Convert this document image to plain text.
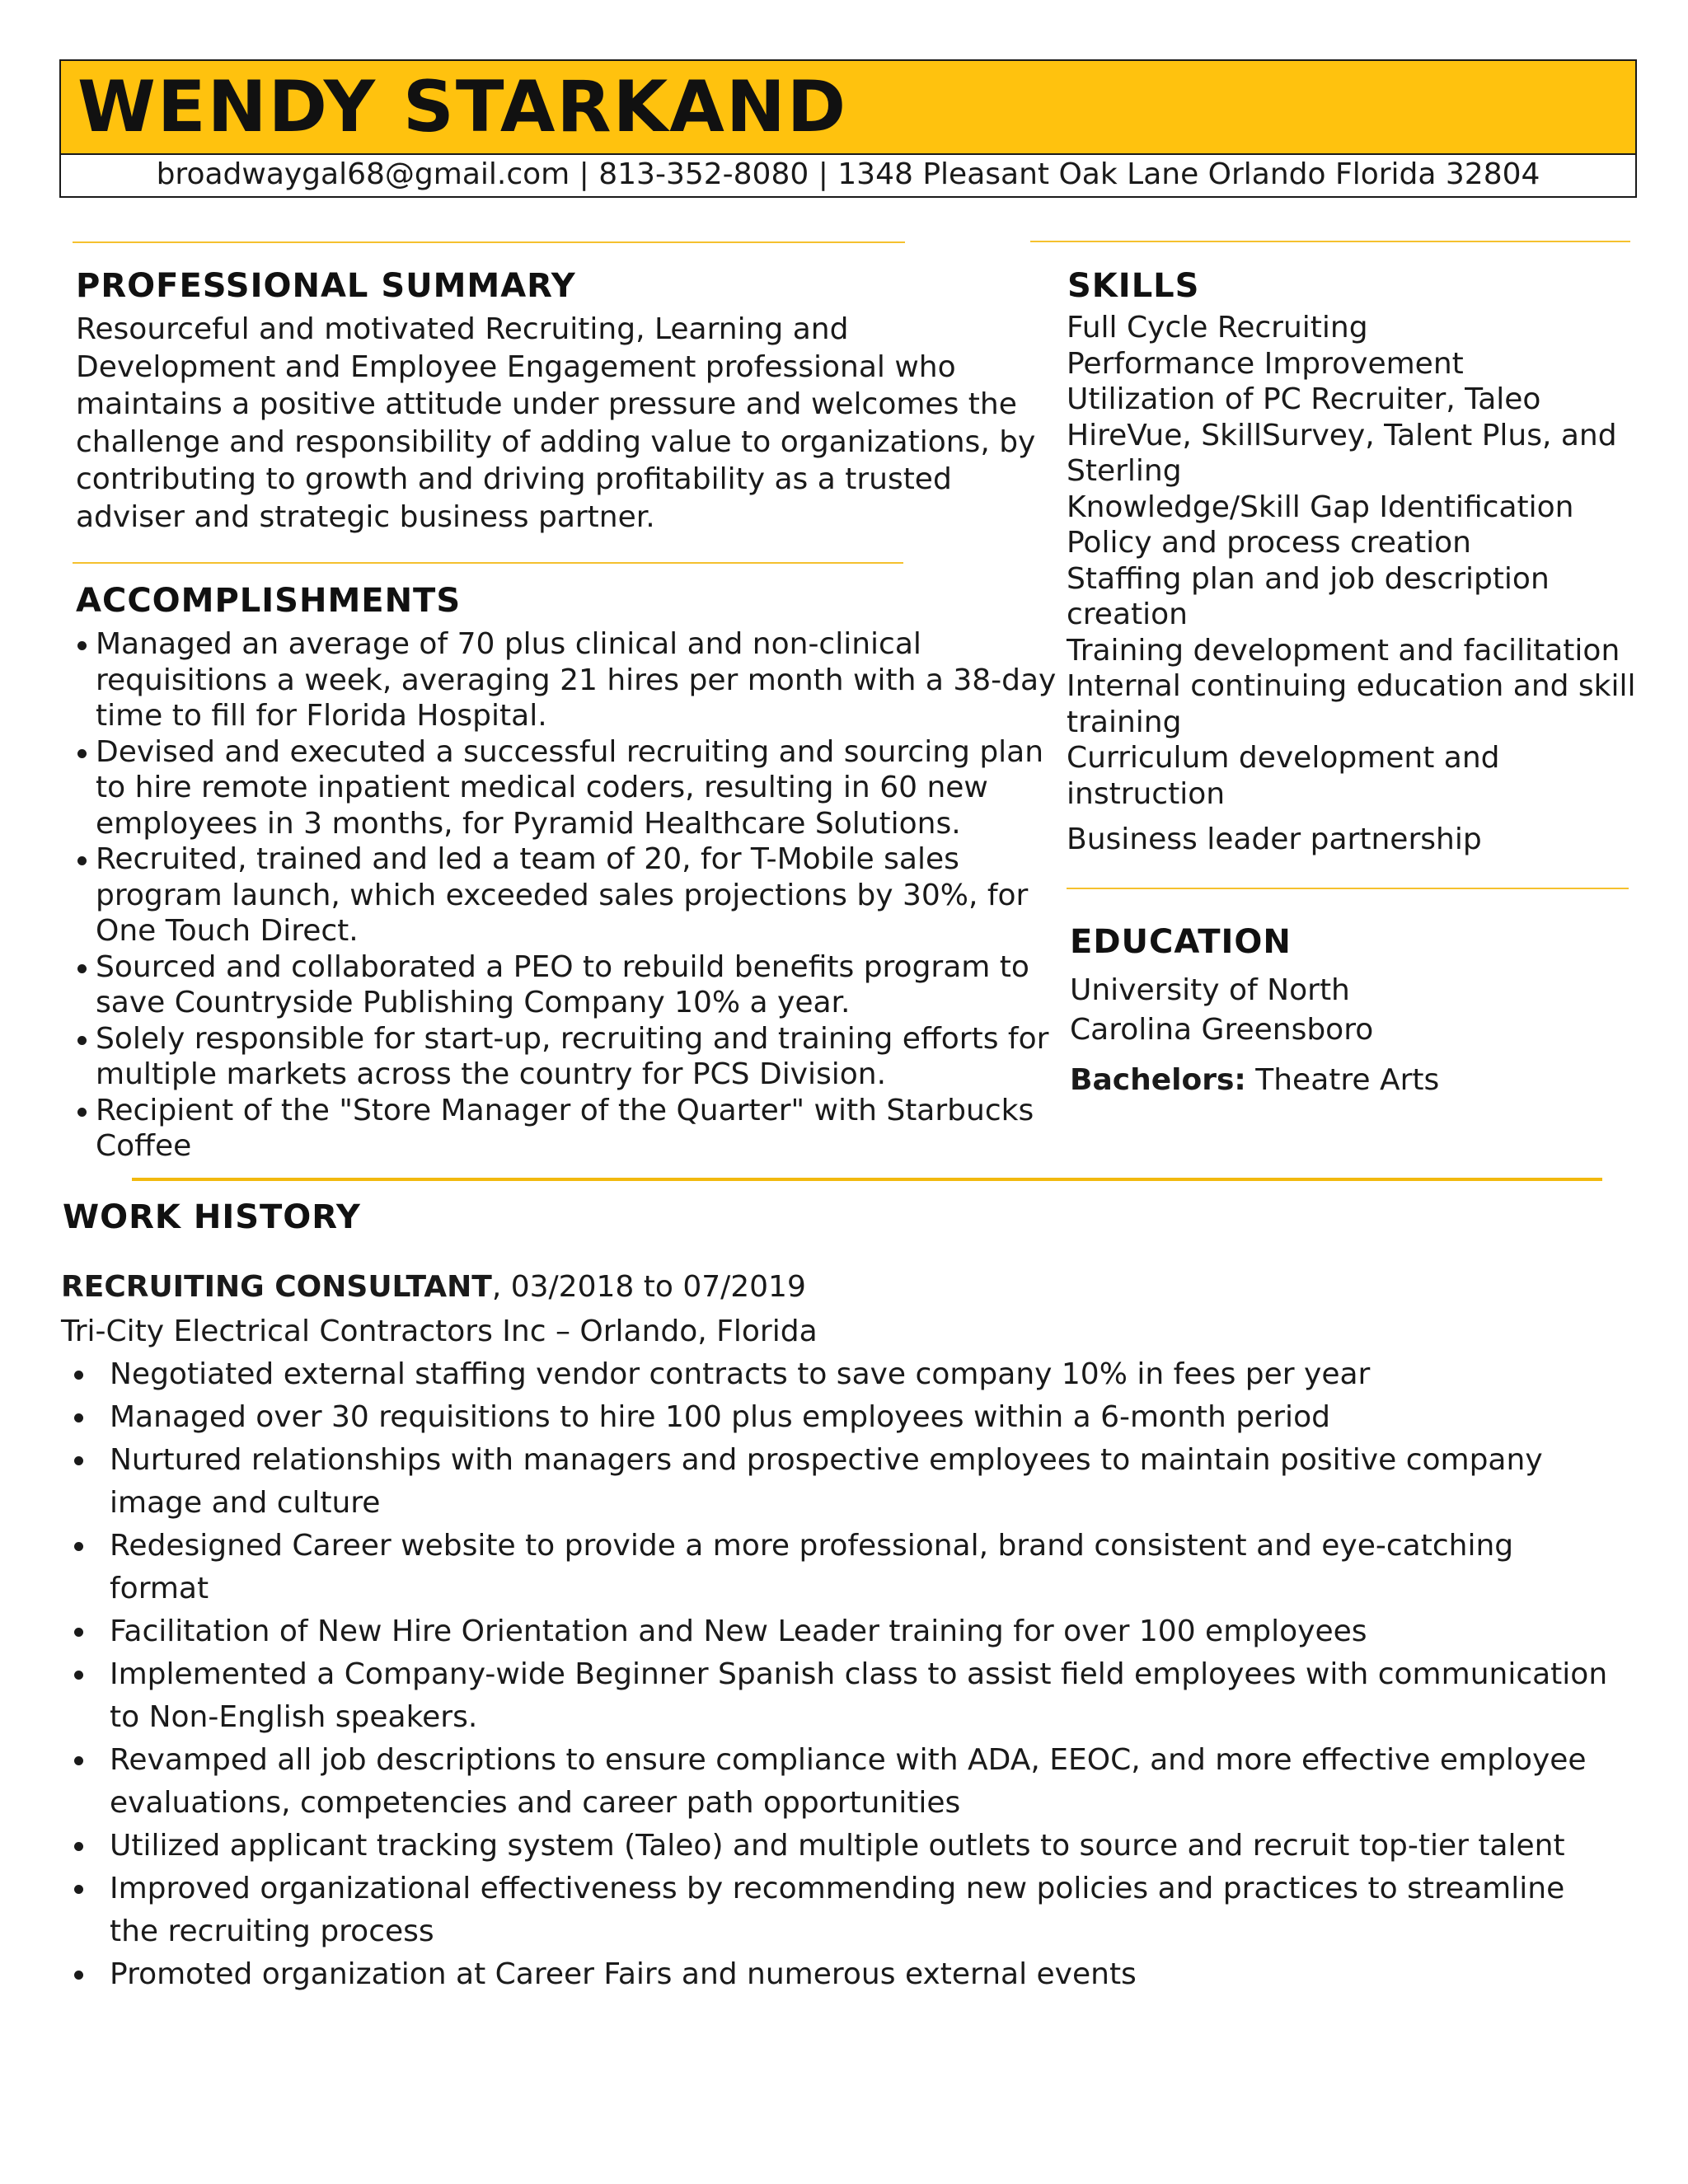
WENDY STARKAND
broadwaygal68@gmail.com | 813-352-8080 | 1348 Pleasant Oak Lane Orlando Florida 32804
PROFESSIONAL SUMMARY
Resourceful and motivated Recruiting, Learning and Development and Employee Engagement professional who maintains a positive attitude under pressure and welcomes the challenge and responsibility of adding value to organizations, by contributing to growth and driving profitability as a trusted adviser and strategic business partner.
ACCOMPLISHMENTS
Managed an average of 70 plus clinical and non-clinical requisitions a week, averaging 21 hires per month with a 38-day time to fill for Florida Hospital.
Devised and executed a successful recruiting and sourcing plan to hire remote inpatient medical coders, resulting in 60 new employees in 3 months, for Pyramid Healthcare Solutions.
Recruited, trained and led a team of 20, for T-Mobile sales program launch, which exceeded sales projections by 30%, for One Touch Direct.
Sourced and collaborated a PEO to rebuild benefits program to save Countryside Publishing Company 10% a year.
Solely responsible for start-up, recruiting and training efforts for multiple markets across the country for PCS Division.
Recipient of the "Store Manager of the Quarter" with Starbucks Coffee
SKILLS
Full Cycle Recruiting
Performance Improvement
Utilization of PC Recruiter, Taleo HireVue, SkillSurvey, Talent Plus, and Sterling
Knowledge/Skill Gap Identification
Policy and process creation
Staffing plan and job description creation
Training development and facilitation
Internal continuing education and skill training
Curriculum development and instruction
Business leader partnership
EDUCATION
University of North Carolina Greensboro
Bachelors: Theatre Arts
WORK HISTORY
RECRUITING CONSULTANT, 03/2018 to 07/2019
Tri-City Electrical Contractors Inc – Orlando, Florida
Negotiated external staffing vendor contracts to save company 10% in fees per year
Managed over 30 requisitions to hire 100 plus employees within a 6-month period
Nurtured relationships with managers and prospective employees to maintain positive company image and culture
Redesigned Career website to provide a more professional, brand consistent and eye-catching format
Facilitation of New Hire Orientation and New Leader training for over 100 employees
Implemented a Company-wide Beginner Spanish class to assist field employees with communication to Non-English speakers.
Revamped all job descriptions to ensure compliance with ADA, EEOC, and more effective employee evaluations, competencies and career path opportunities
Utilized applicant tracking system (Taleo) and multiple outlets to source and recruit top-tier talent
Improved organizational effectiveness by recommending new policies and practices to streamline the recruiting process
Promoted organization at Career Fairs and numerous external events
